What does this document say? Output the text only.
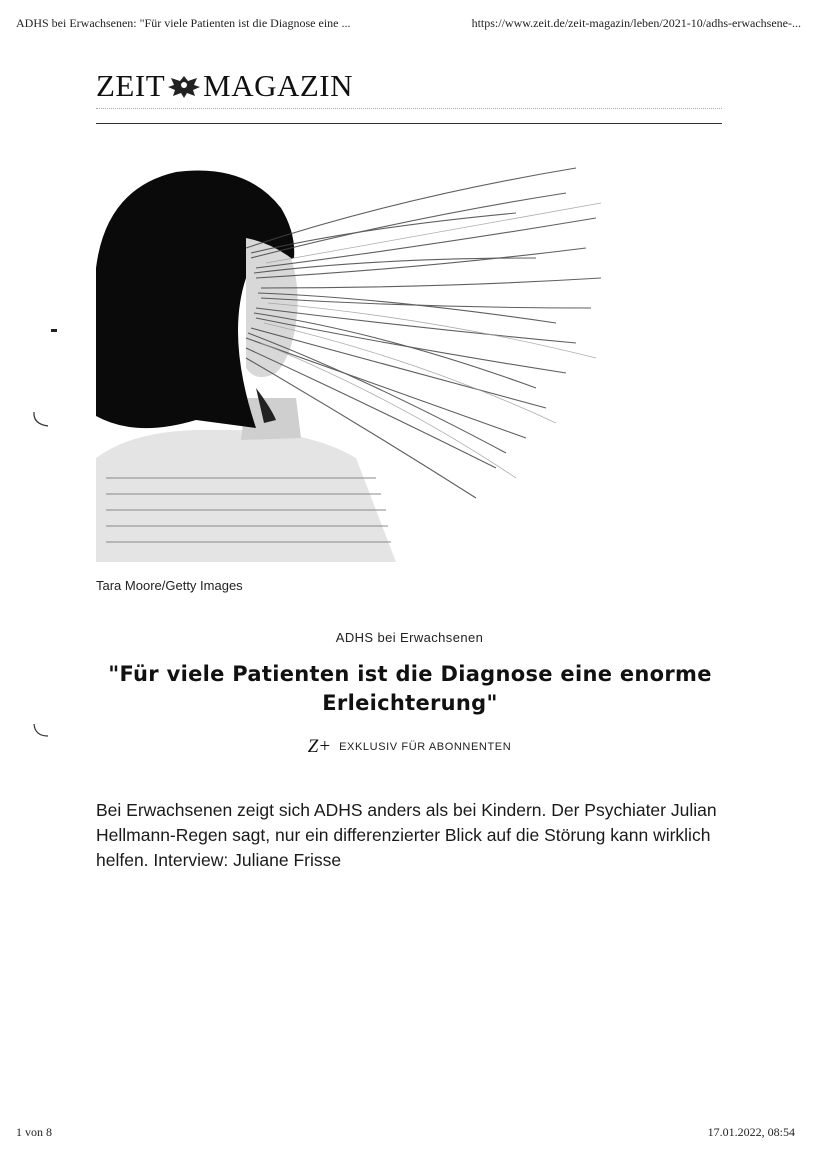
ADHS bei Erwachsenen: "Für viele Patienten ist die Diagnose eine ...	https://www.zeit.de/zeit-magazin/leben/2021-10/adhs-erwachsene-...
ZEIT MAGAZIN
Tara Moore/Getty Images
ADHS bei Erwachsenen
"Für viele Patienten ist die Diagnose eine enorme Erleichterung"
Z+ EXKLUSIV FÜR ABONNENTEN
Bei Erwachsenen zeigt sich ADHS anders als bei Kindern. Der Psychiater Julian Hellmann-Regen sagt, nur ein differenzierter Blick auf die Störung kann wirklich helfen. Interview: Juliane Frisse
1 von 8	17.01.2022, 08:54
